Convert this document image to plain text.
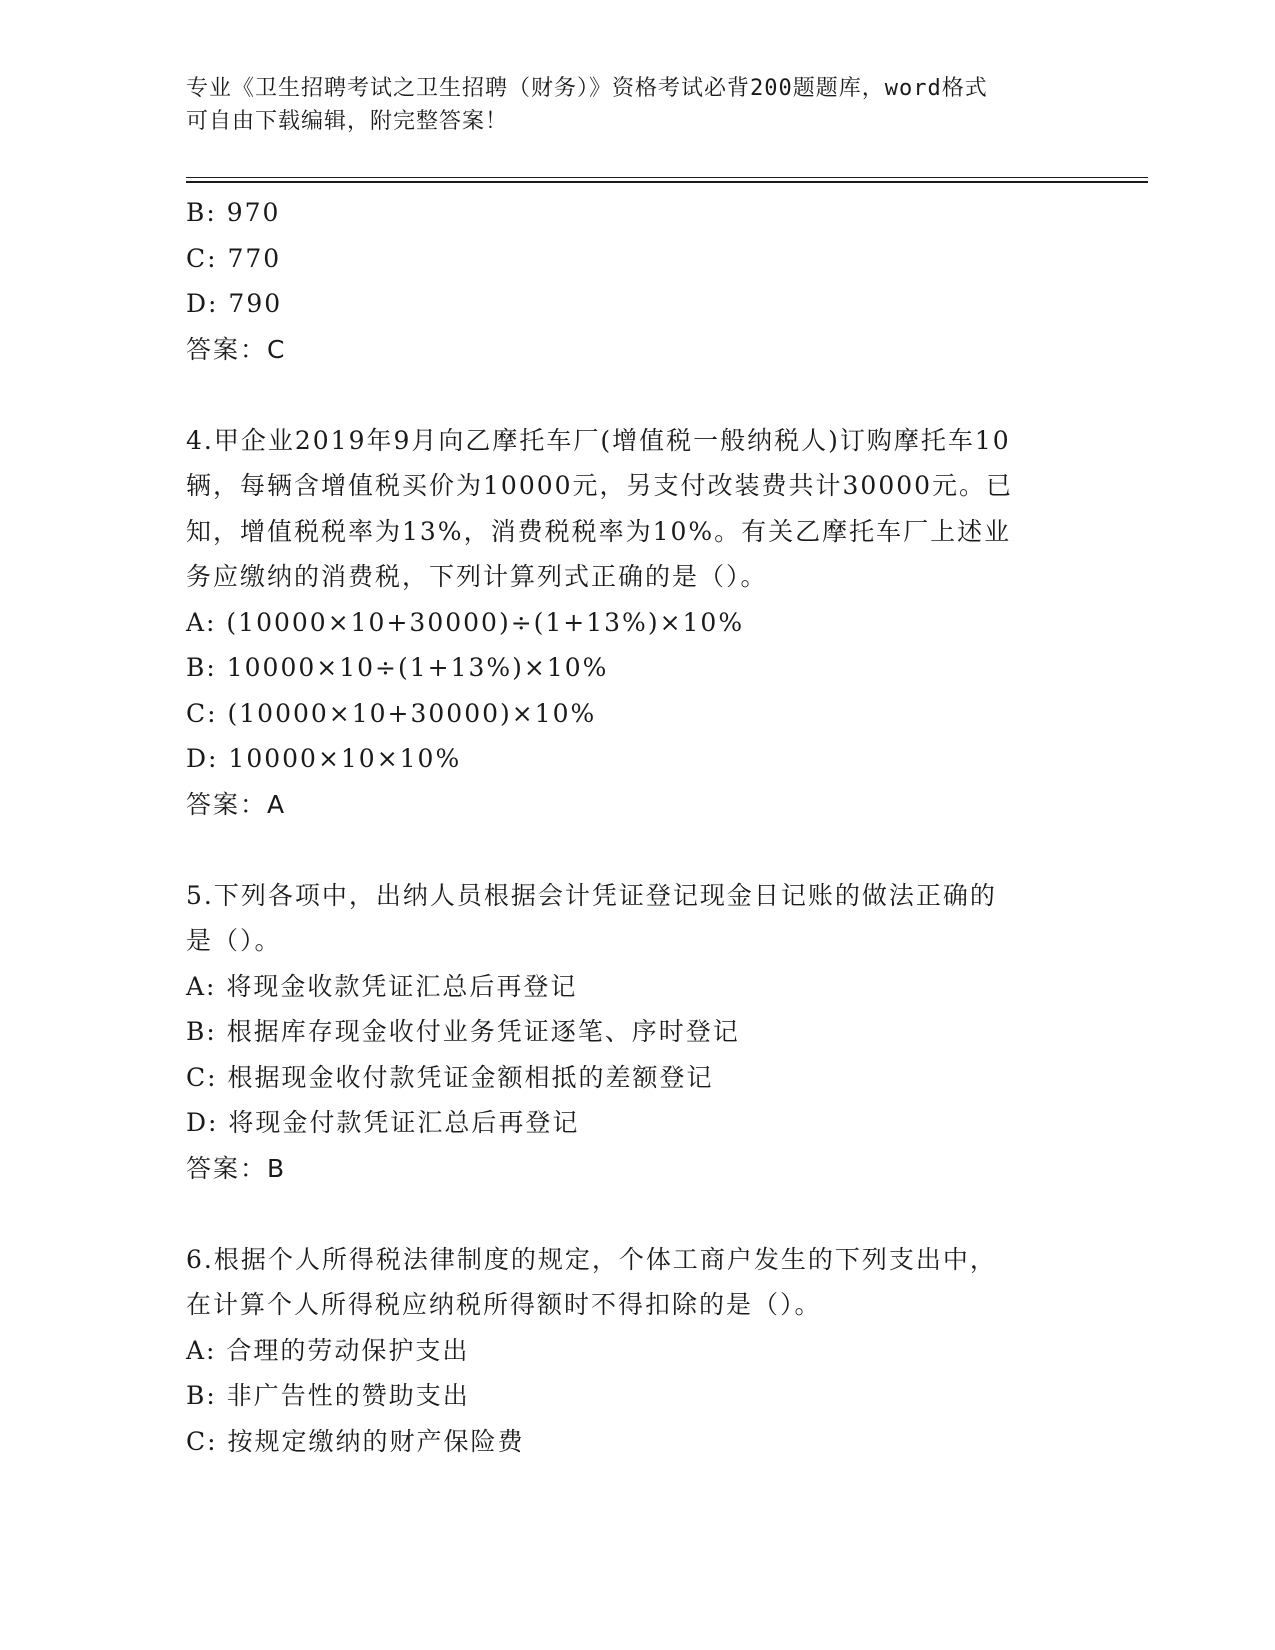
专业《卫生招聘考试之卫生招聘（财务）》资格考试必背200题题库，word格式
可自由下载编辑，附完整答案！
B: 970
C: 770
D: 790
答案：C
4.甲企业2019年9月向乙摩托车厂(增值税一般纳税人)订购摩托车10
辆，每辆含增值税买价为10000元，另支付改装费共计30000元。已
知，增值税税率为13%，消费税税率为10%。有关乙摩托车厂上述业
务应缴纳的消费税，下列计算列式正确的是（）。
A: (10000×10+30000)÷(1+13%)×10%
B: 10000×10÷(1+13%)×10%
C: (10000×10+30000)×10%
D: 10000×10×10%
答案：A
5.下列各项中，出纳人员根据会计凭证登记现金日记账的做法正确的
是（）。
A: 将现金收款凭证汇总后再登记
B: 根据库存现金收付业务凭证逐笔、序时登记
C: 根据现金收付款凭证金额相抵的差额登记
D: 将现金付款凭证汇总后再登记
答案：B
6.根据个人所得税法律制度的规定，个体工商户发生的下列支出中，
在计算个人所得税应纳税所得额时不得扣除的是（）。
A: 合理的劳动保护支出
B: 非广告性的赞助支出
C: 按规定缴纳的财产保险费
